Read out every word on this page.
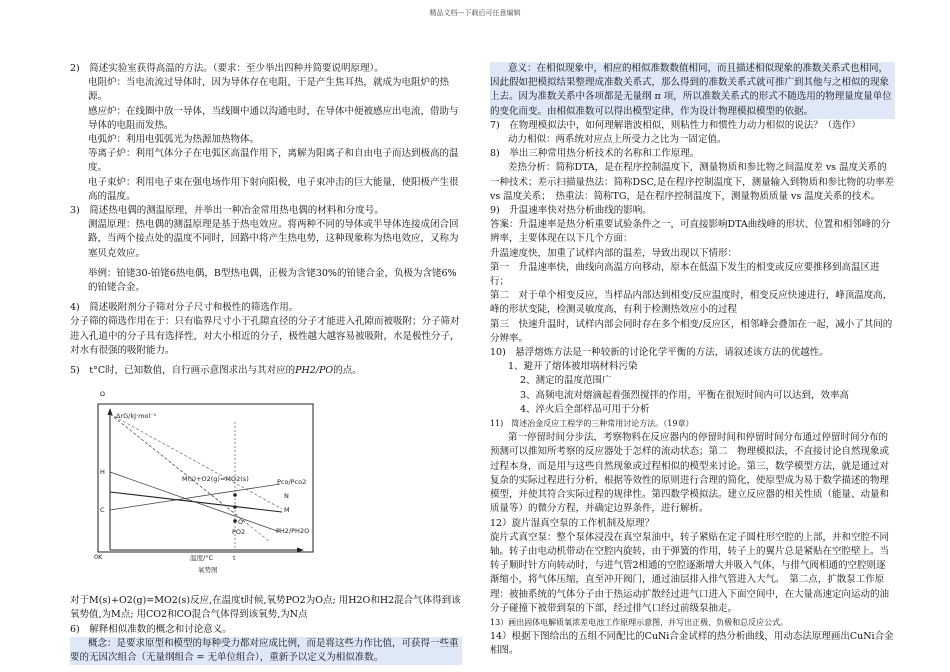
精品文档---下载后可任意编辑

2)　简述实验室获得高温的方法。（要求：至少举出四种并简要说明原理）。

电阻炉：当电流流过导体时，因为导体存在电阻，于是产生焦耳热，就成为电阻炉的热源。

感应炉：在线圈中放一导体，当线圈中通以沟通电时，在导体中便被感应出电流，借助与导体的电阻而发热。

电弧炉：利用电弧弧光为热源加热物体。

等离子炉：利用气体分子在电弧区高温作用下，离解为阳离子和自由电子而达到极高的温度。

电子束炉：利用电子束在强电场作用下射向阳极，电子束冲击的巨大能量，使阳极产生很高的温度。

3)　简述热电偶的测温原理，并举出一种冶金常用热电偶的材料和分度号。

测温原理：热电偶的测温原理是基于热电效应。将两种不同的导体或半导体连接成闭合回路，当两个接点处的温度不同时，回路中将产生热电势，这种现象称为热电效应，又称为塞贝克效应。

举例：铂铑30-铂铑6热电偶，B型热电偶，正极为含铑30%的铂铑合金，负极为含铑6%的铂铑合金。

4)　简述吸附剂分子筛对分子尺寸和极性的筛选作用。

分子筛的筛选作用在于：只有临界尺寸小于孔隙直径的分子才能进入孔隙而被吸附；分子筛对进入孔道中的分子具有选择性，对大小相近的分子，极性越大越容易被吸附，水是极性分子，对水有很强的吸附能力。

5)　t°C时，已知数值，自行画示意图求出与其对应的PH2/PO的点。

Ω
ΔrG/kJ·mol⁻¹
H
C
O
N
M
M(s)+O2(g)=MO2(s)	Pco/Pco2
PH2/PH2O
PO2
0K	温度/°C	t
氧势图

对于M(s)+O2(g)=MO2(s)反应,在温度t时候,氧势PO2为O点; 用H2O和H2混合气体得到该氧势值,为M点; 用CO2和CO混合气体得到该氧势,为N点

6)　解释相似准数的概念和讨论意义。

概念：是要求原型和模型的每种受力都对应成比例，而是将这些力作比值，可获得一些重要的无因次组合（无量纲组合 = 无单位组合），重新予以定义为相似准数。

意义：在相似现象中，相应的相似准数数值相同，而且描述相似现象的准数关系式也相同，因此假如把模拟结果整理成准数关系式，那么得到的准数关系式就可推广到其他与之相似的现象上去。因为准数关系中各项都是无量纲 π 项，所以准数关系式的形式不随选用的物理量度量单位的变化而变。由相似准数可以得出模型定律，作为设计物理模拟模型的依据。

7)　在物理模拟法中，如何理解谐波相似，则粘性力和惯性力动力相似的说法？（选作）

动力相似：两系统对应点上所受力之比为一固定值。

8)　举出三种常用热分析技术的名称和工作原理。

差热分析：简称DTA，是在程序控制温度下，测量物质和参比物之间温度差 vs 温度关系的一种技术；差示扫描量热法：简称DSC,是在程序控制温度下，测量输入到物质和参比物的功率差 vs 温度关系；　热重法：简称TG，是在程序控制温度下，测量物质质量 vs 温度关系的技术。

9)　升温速率快对热分析曲线的影响。

答案：升温速率是热分析重要试验条件之一，可直接影响DTA曲线峰的形状、位置和相邻峰的分辨率，主要体现在以下几个方面：

升温速度快，加重了试样内部的温差，导致出现以下情形：

第一　升温速率快，曲线向高温方向移动，原本在低温下发生的相变或反应要推移到高温区进行；

第二　对于单个相变反应，当样品内部达到相变/反应温度时，相变反应快速进行，峰顶温度高，峰的形状变陡，检测灵敏度高，有利于检测热效应小的过程

第三　快速升温时，试样内部会同时存在多个相变/反应区，相邻峰会叠加在一起，减小了其间的分辨率。

10)　悬浮熔炼方法是一种较新的讨论化学平衡的方法，请叙述该方法的优越性。

1、避开了熔体被坩埚材料污染

2、测定的温度范围广

3、高频电流对熔滴起着强烈搅拌的作用，平衡在很短时间内可以达到，效率高

4、淬火后全部样品可用于分析

11)　简述冶金反应工程学的三种常用讨论方法。（19章）

第一停留时间分步法，考察物料在反应器内的停留时间和停留时间分布通过停留时间分布的预测可以推知所考察的反应器处于怎样的流动状态；第二　物理模拟法，不直接讨论自然现象或过程本身，而是用与这些自然现象或过程相似的模型来讨论。第三，数学模型方法，就是通过对复杂的实际过程进行分析，根据等效性的原则进行合理的简化，使原型成为易于数学描述的物理模型，并使其符合实际过程的规律性。第四数学模拟法。建立反应器的相关性质（能量、动量和质量等）的微分方程，并确定边界条件，进行解析。

12）旋片湿真空泵的工作机制及原理？

旋片式真空泵：整个泵体浸没在真空泵油中，转子紧贴在定子圆柱形空腔的上部，并和空腔不同轴。转子由电动机带动在空腔内旋转，由于弹簧的作用，转子上的翼片总是紧贴在空腔壁上。当转子顺时针方向转动时，与进气管2相通的空腔逐渐增大并吸入气体，与排气阀相通的空腔则逐渐缩小，将气体压缩，直至冲开阀门，通过油层排入排气管进入大气。　第二点，扩散泵工作原理：被抽系统的气体分子由于热运动扩散经过进气口进入下面空间中，在大量高速定向运动的油分子碰撞下被带到泵的下部，经过排气口经过前级泵抽走。

13）画出固体电解质氧浓差电池工作原理示意图，并写出正极、负极和总反应公式。

14）根据下图给出的五组不同配比的CuNi合金试样的热分析曲线，用动态法原理画出CuNi合金相图。
